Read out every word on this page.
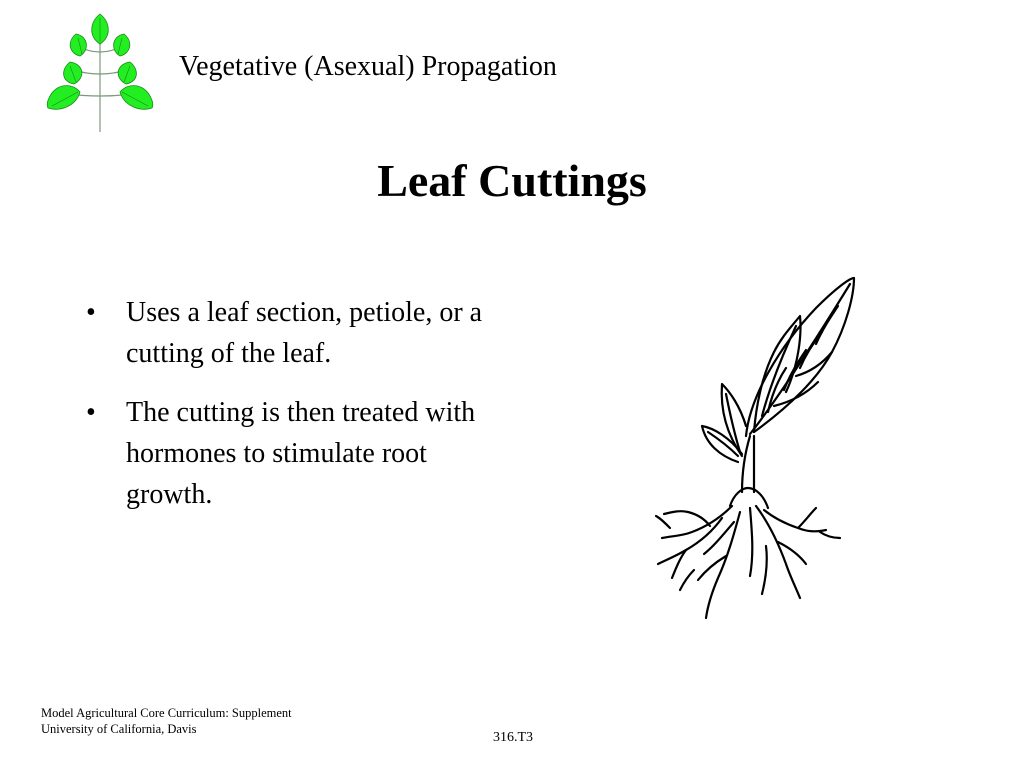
Vegetative (Asexual) Propagation
Leaf Cuttings
• Uses a leaf section, petiole, or a cutting of the leaf.
• The cutting is then treated with hormones to stimulate root growth.
Model Agricultural Core Curriculum: Supplement
University of California, Davis
316.T3
